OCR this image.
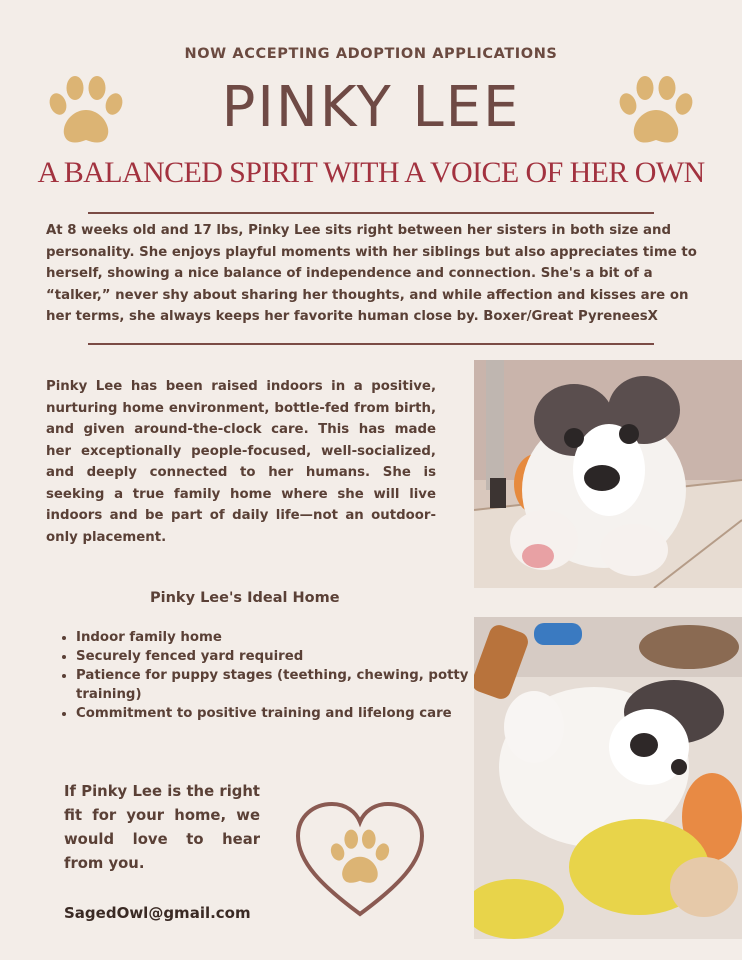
NOW ACCEPTING ADOPTION APPLICATIONS
PINKY LEE
A BALANCED SPIRIT WITH A VOICE OF HER OWN
At 8 weeks old and 17 lbs, Pinky Lee sits right between her sisters in both size and personality. She enjoys playful moments with her siblings but also appreciates time to herself, showing a nice balance of independence and connection. She's a bit of a “talker,” never shy about sharing her thoughts, and while affection and kisses are on her terms, she always keeps her favorite human close by. Boxer/Great PyreneesX
Pinky Lee has been raised indoors in a positive, nurturing home environment, bottle-fed from birth, and given around-the-clock care. This has made her exceptionally people-focused, well-socialized, and deeply connected to her humans. She is seeking a true family home where she will live indoors and be part of daily life—not an outdoor-only placement.
Pinky Lee's Ideal Home
• Indoor family home
• Securely fenced yard required
• Patience for puppy stages (teething, chewing, potty training)
• Commitment to positive training and lifelong care
If Pinky Lee is the right fit for your home, we would love to hear from you.
SagedOwl@gmail.com
